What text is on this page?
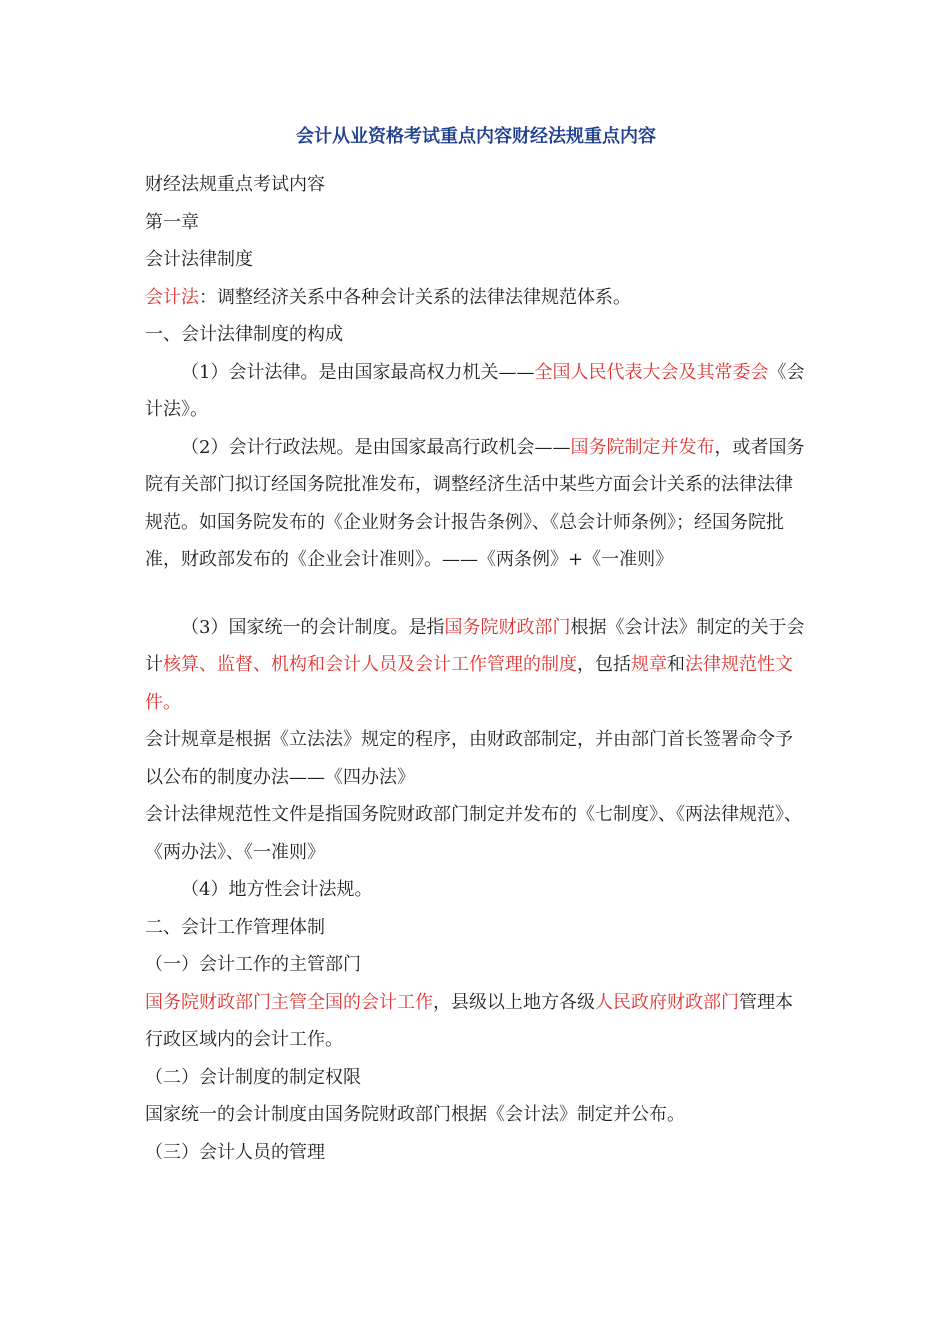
会计从业资格考试重点内容财经法规重点内容

财经法规重点考试内容

第一章

会计法律制度

会计法：调整经济关系中各种会计关系的法律法律规范体系。

一、会计法律制度的构成

（1）会计法律。是由国家最高权力机关——全国人民代表大会及其常委会《会计法》。

（2）会计行政法规。是由国家最高行政机会——国务院制定并发布，或者国务院有关部门拟订经国务院批准发布，调整经济生活中某些方面会计关系的法律法律规范。如国务院发布的《企业财务会计报告条例》、《总会计师条例》；经国务院批准，财政部发布的《企业会计准则》。——《两条例》+《一准则》

（3）国家统一的会计制度。是指国务院财政部门根据《会计法》制定的关于会计核算、监督、机构和会计人员及会计工作管理的制度，包括规章和法律规范性文件。

会计规章是根据《立法法》规定的程序，由财政部制定，并由部门首长签署命令予以公布的制度办法——《四办法》

会计法律规范性文件是指国务院财政部门制定并发布的《七制度》、《两法律规范》、《两办法》、《一准则》

（4）地方性会计法规。

二、会计工作管理体制

（一）会计工作的主管部门

国务院财政部门主管全国的会计工作，县级以上地方各级人民政府财政部门管理本行政区域内的会计工作。

（二）会计制度的制定权限

国家统一的会计制度由国务院财政部门根据《会计法》制定并公布。

（三）会计人员的管理
